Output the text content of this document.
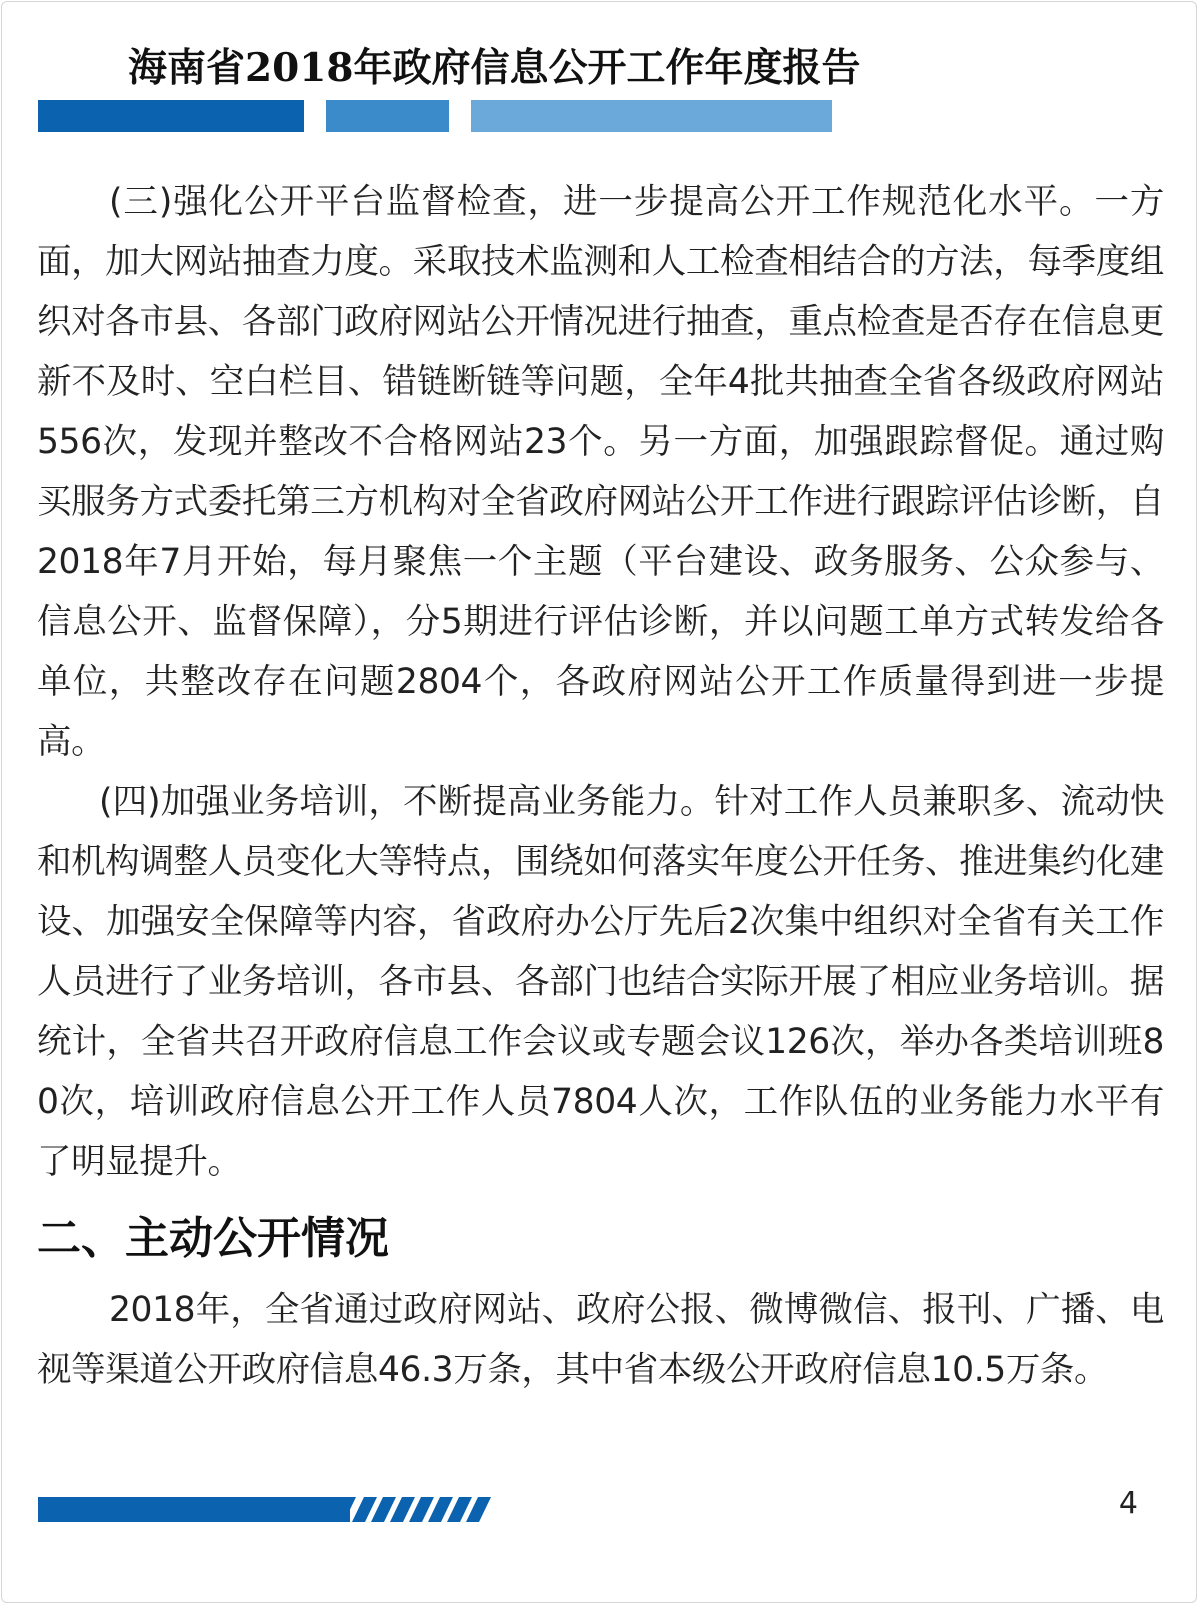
海南省2018年政府信息公开工作年度报告

(三)强化公开平台监督检查，进一步提高公开工作规范化水平。一方面，加大网站抽查力度。采取技术监测和人工检查相结合的方法，每季度组织对各市县、各部门政府网站公开情况进行抽查，重点检查是否存在信息更新不及时、空白栏目、错链断链等问题，全年4批共抽查全省各级政府网站556次，发现并整改不合格网站23个。另一方面，加强跟踪督促。通过购买服务方式委托第三方机构对全省政府网站公开工作进行跟踪评估诊断，自2018年7月开始，每月聚焦一个主题（平台建设、政务服务、公众参与、信息公开、监督保障），分5期进行评估诊断，并以问题工单方式转发给各单位，共整改存在问题2804个，各政府网站公开工作质量得到进一步提高。

(四)加强业务培训，不断提高业务能力。针对工作人员兼职多、流动快和机构调整人员变化大等特点，围绕如何落实年度公开任务、推进集约化建设、加强安全保障等内容，省政府办公厅先后2次集中组织对全省有关工作人员进行了业务培训，各市县、各部门也结合实际开展了相应业务培训。据统计，全省共召开政府信息工作会议或专题会议126次，举办各类培训班80次，培训政府信息公开工作人员7804人次，工作队伍的业务能力水平有了明显提升。

二、主动公开情况

2018年，全省通过政府网站、政府公报、微博微信、报刊、广播、电视等渠道公开政府信息46.3万条，其中省本级公开政府信息10.5万条。

4
